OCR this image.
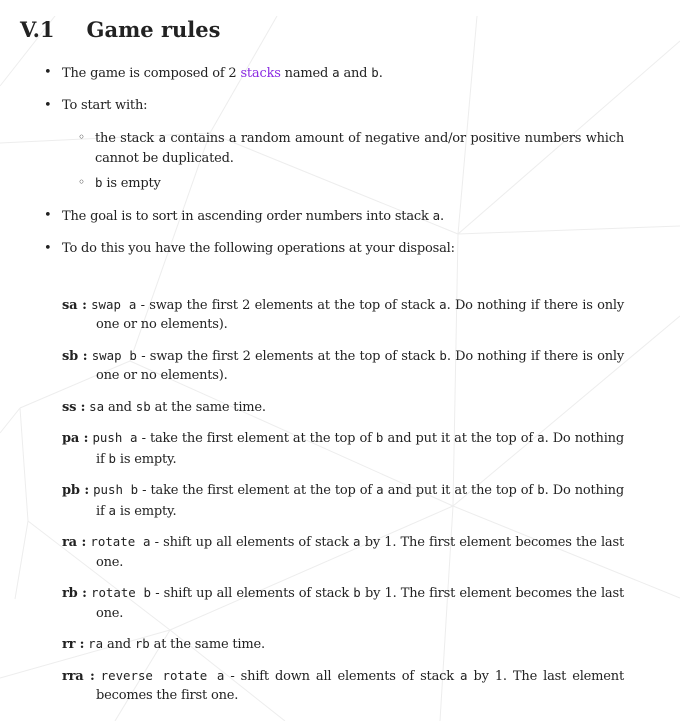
V.1 Game rules
• The game is composed of 2 stacks named a and b.
• To start with:
◦ the stack a contains a random amount of negative and/or positive numbers which cannot be duplicated.
◦ b is empty
• The goal is to sort in ascending order numbers into stack a.
• To do this you have the following operations at your disposal:
sa : swap a - swap the first 2 elements at the top of stack a. Do nothing if there is only one or no elements).
sb : swap b - swap the first 2 elements at the top of stack b. Do nothing if there is only one or no elements).
ss : sa and sb at the same time.
pa : push a - take the first element at the top of b and put it at the top of a. Do nothing if b is empty.
pb : push b - take the first element at the top of a and put it at the top of b. Do nothing if a is empty.
ra : rotate a - shift up all elements of stack a by 1. The first element becomes the last one.
rb : rotate b - shift up all elements of stack b by 1. The first element becomes the last one.
rr : ra and rb at the same time.
rra : reverse rotate a - shift down all elements of stack a by 1. The last element becomes the first one.
